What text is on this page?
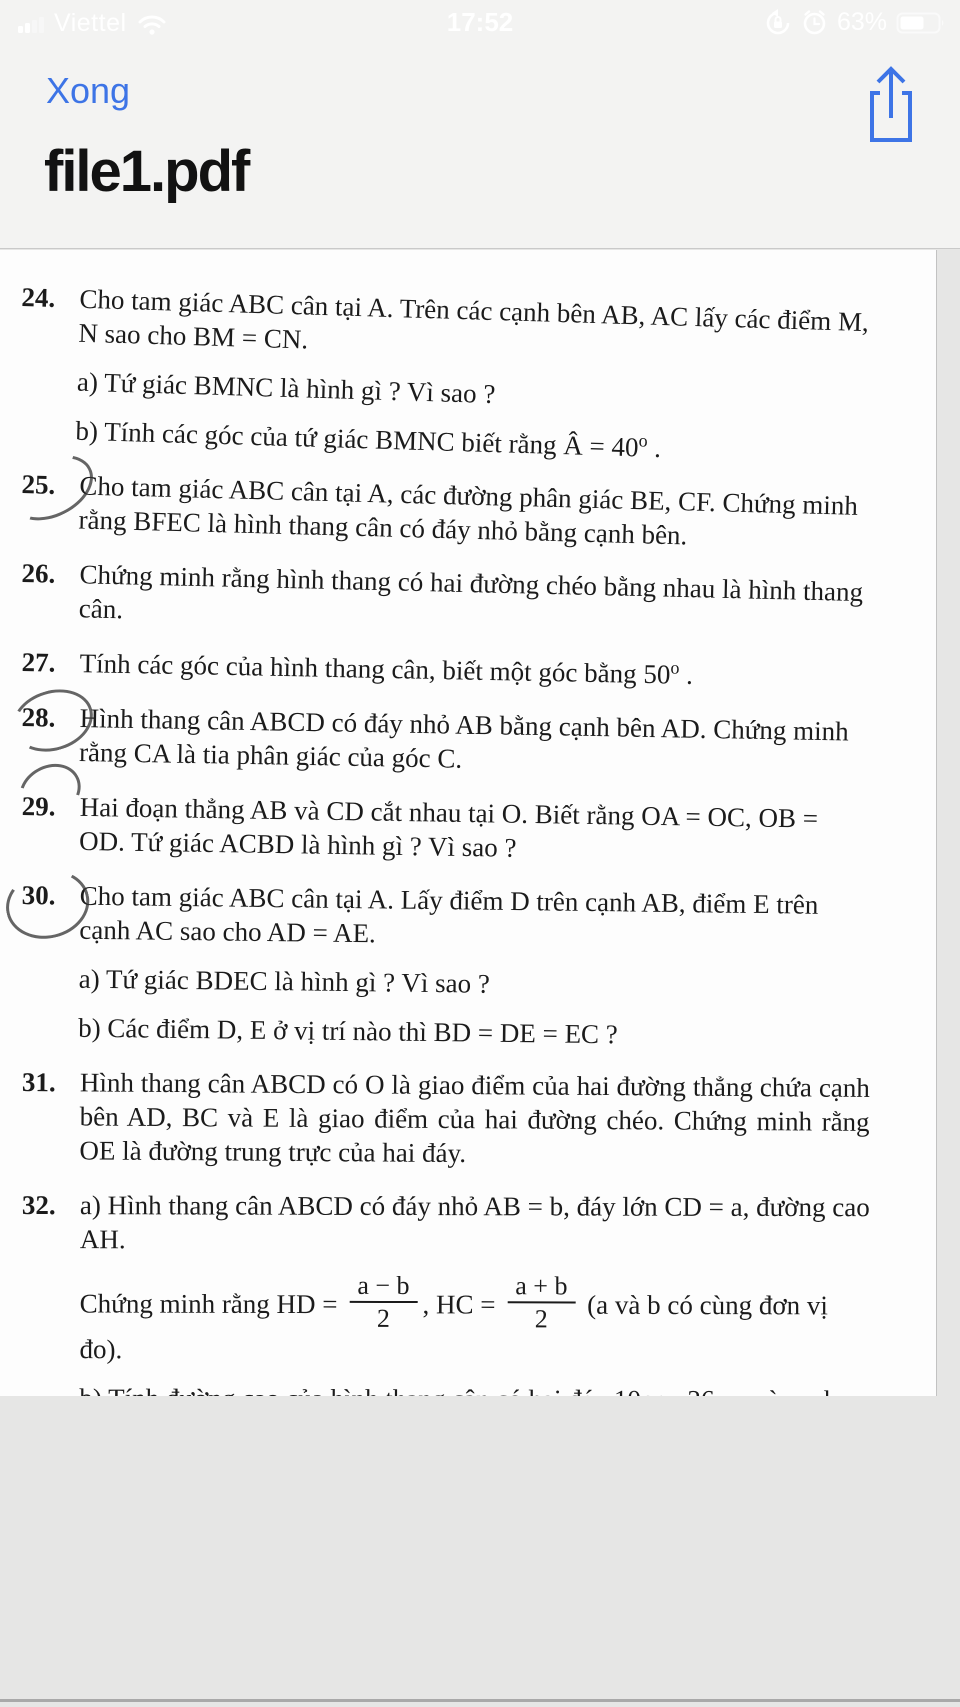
Viettel	17:52	63%
Xong
file1.pdf
24. Cho tam giác ABC cân tại A. Trên các cạnh bên AB, AC lấy các điểm M, N sao cho BM = CN.

a) Tứ giác BMNC là hình gì ? Vì sao ?

b) Tính các góc của tứ giác BMNC biết rằng Â = $40^o$ .

25. Cho tam giác ABC cân tại A, các đường phân giác BE, CF. Chứng minh rằng BFEC là hình thang cân có đáy nhỏ bằng cạnh bên.

26. Chứng minh rằng hình thang có hai đường chéo bằng nhau là hình thang cân.

27. Tính các góc của hình thang cân, biết một góc bằng 50$^o$ .

28. Hình thang cân ABCD có đáy nhỏ AB bằng cạnh bên AD. Chứng minh rằng CA là tia phân giác của góc C.

29. Hai đoạn thẳng AB và CD cắt nhau tại O. Biết rằng OA = OC, OB = OD. Tứ giác ACBD là hình gì ? Vì sao ?

30. Cho tam giác ABC cân tại A. Lấy điểm D trên cạnh AB, điểm E trên cạnh AC sao cho AD = AE.

a) Tứ giác BDEC là hình gì ? Vì sao ?

b) Các điểm D, E ở vị trí nào thì BD = DE = EC ?

31. Hình thang cân ABCD có O là giao điểm của hai đường thẳng chứa cạnh bên AD, BC và E là giao điểm của hai đường chéo. Chứng minh rằng OE là đường trung trực của hai đáy.

32. a) Hình thang cân ABCD có đáy nhỏ AB = b, đáy lớn CD = a, đường cao AH.

Chứng minh rằng HD = $\frac{a - b}{2}$ , HC = $\frac{a + b}{2} (a$ và b có cùng đơn vị đo).
